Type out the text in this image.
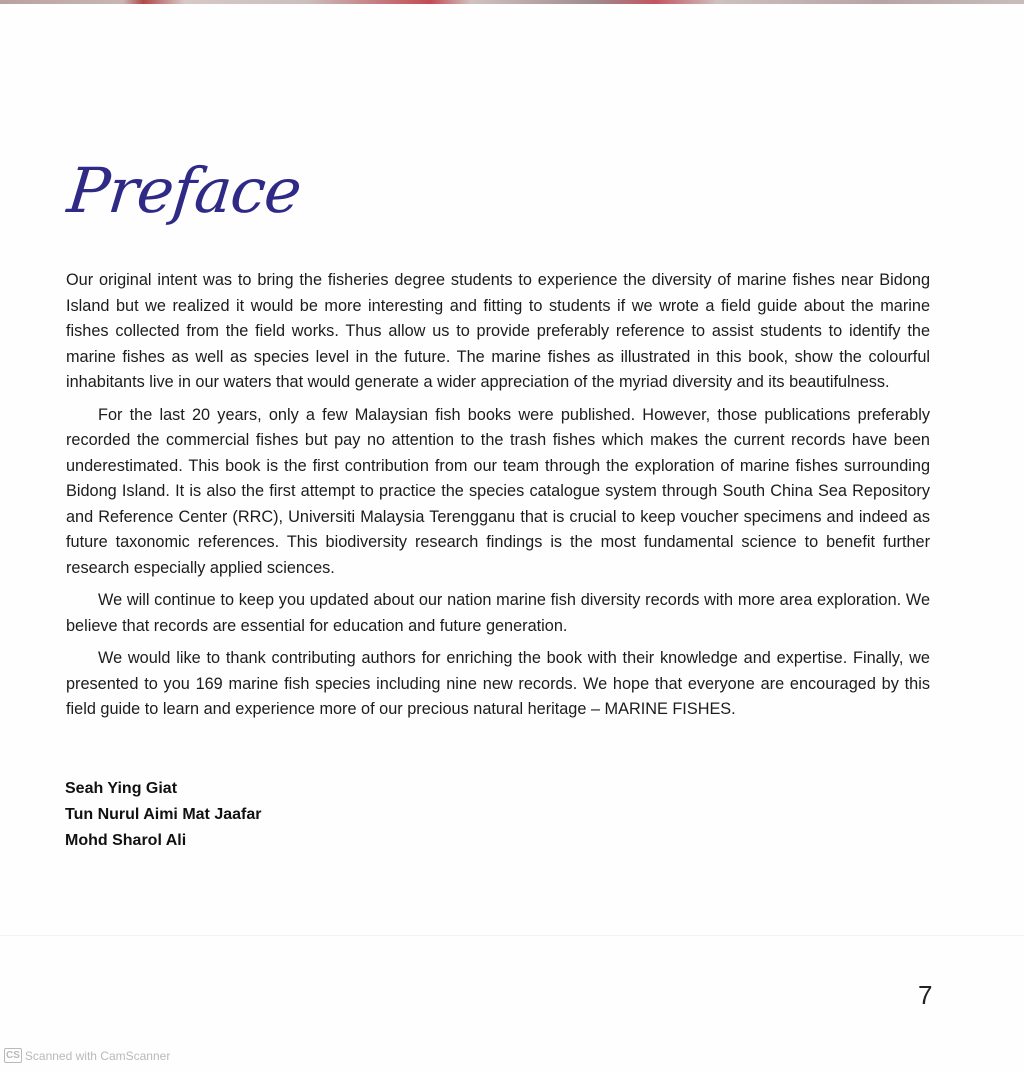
Preface

Our original intent was to bring the fisheries degree students to experience the diversity of marine fishes near Bidong Island but we realized it would be more interesting and fitting to students if we wrote a field guide about the marine fishes collected from the field works. Thus allow us to provide preferably reference to assist students to identify the marine fishes as well as species level in the future. The marine fishes as illustrated in this book, show the colourful inhabitants live in our waters that would generate a wider appreciation of the myriad diversity and its beautifulness.

For the last 20 years, only a few Malaysian fish books were published. However, those publications preferably recorded the commercial fishes but pay no attention to the trash fishes which makes the current records have been underestimated. This book is the first contribution from our team through the exploration of marine fishes surrounding Bidong Island. It is also the first attempt to practice the species catalogue system through South China Sea Repository and Reference Center (RRC), Universiti Malaysia Terengganu that is crucial to keep voucher specimens and indeed as future taxonomic references. This biodiversity research findings is the most fundamental science to benefit further research especially applied sciences.

We will continue to keep you updated about our nation marine fish diversity records with more area exploration. We believe that records are essential for education and future generation.

We would like to thank contributing authors for enriching the book with their knowledge and expertise. Finally, we presented to you 169 marine fish species including nine new records. We hope that everyone are encouraged by this field guide to learn and experience more of our precious natural heritage – MARINE FISHES.

Seah Ying Giat
Tun Nurul Aimi Mat Jaafar
Mohd Sharol Ali
7
CS Scanned with CamScanner
